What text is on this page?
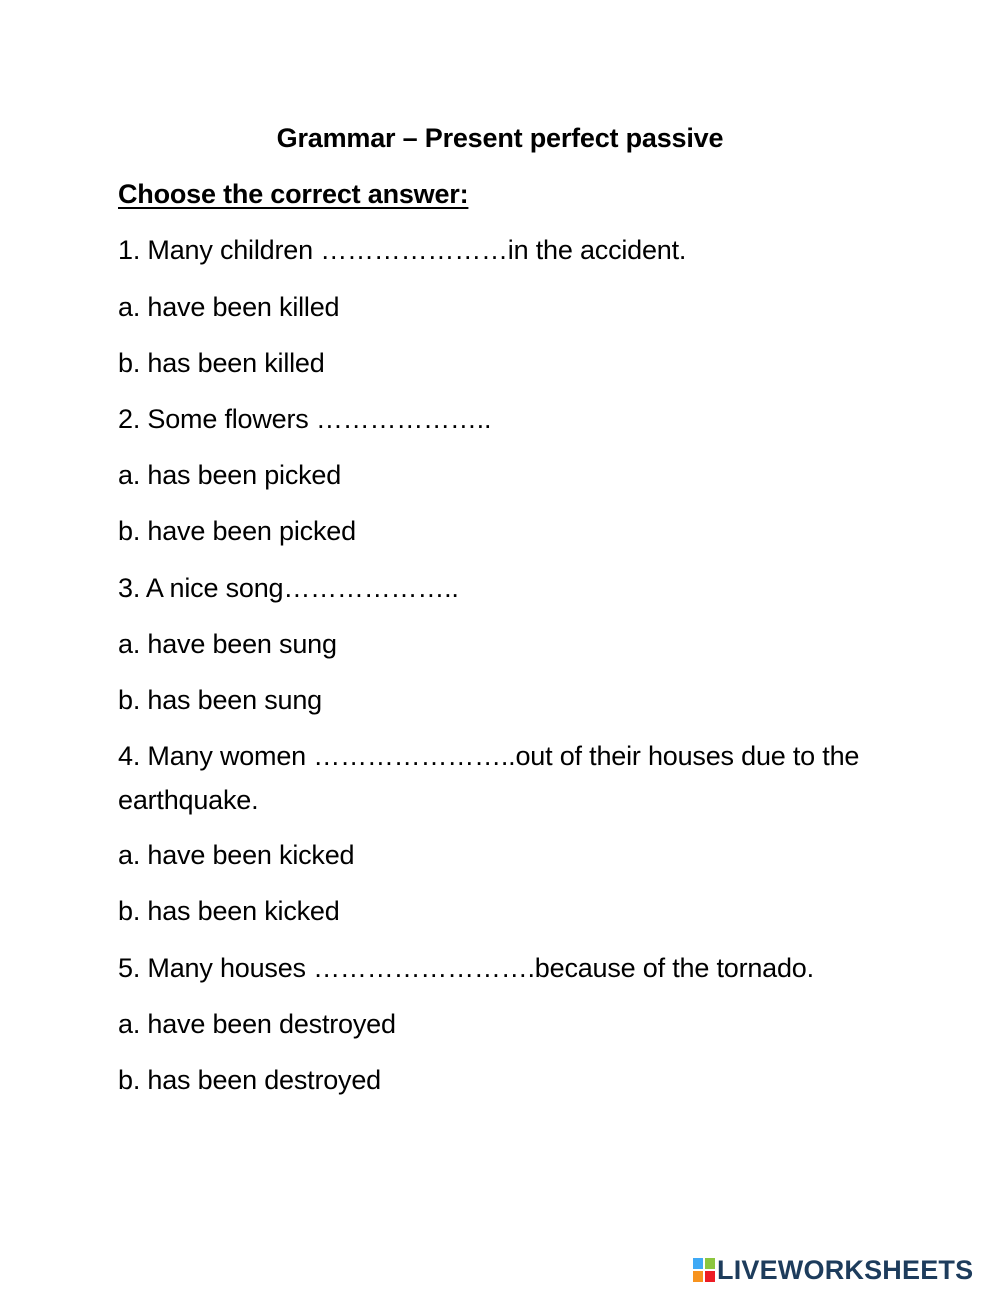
Grammar – Present perfect passive
Choose the correct answer:
1. Many children …………………in the accident.
a. have been killed
b. has been killed
2. Some flowers ………………..
a. has been picked
b. have been picked
3. A nice song………………..
a. have been sung
b. has been sung
4. Many women …………………..out of their houses due to the earthquake.
a. have been kicked
b. has been kicked
5. Many houses …………………….because of the tornado.
a. have been destroyed
b. has been destroyed
LIVEWORKSHEETS
